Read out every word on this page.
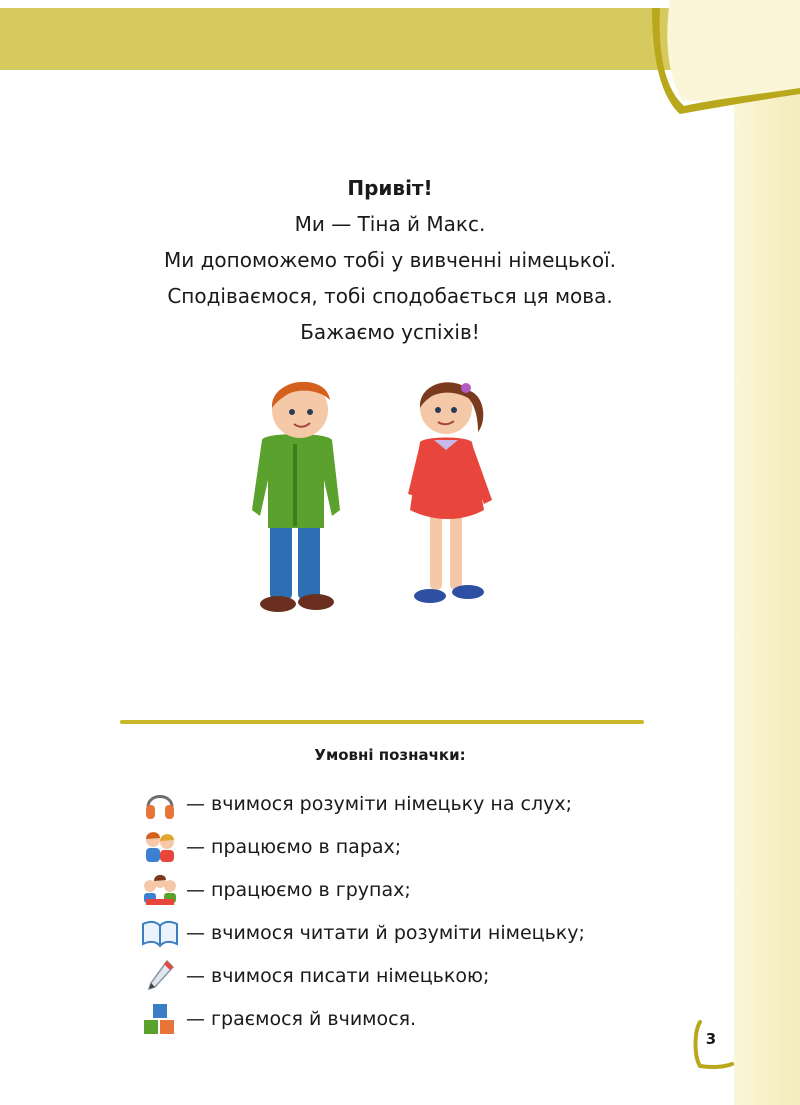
Привіт!
Ми — Тіна й Макс.
Ми допоможемо тобі у вивченні німецької.
Сподіваємося, тобі сподобається ця мова.
Бажаємо успіхів!
Умовні позначки:
— вчимося розуміти німецьку на слух;
— працюємо в парах;
— працюємо в групах;
— вчимося читати й розуміти німецьку;
— вчимося писати німецькою;
— граємося й вчимося.
3
